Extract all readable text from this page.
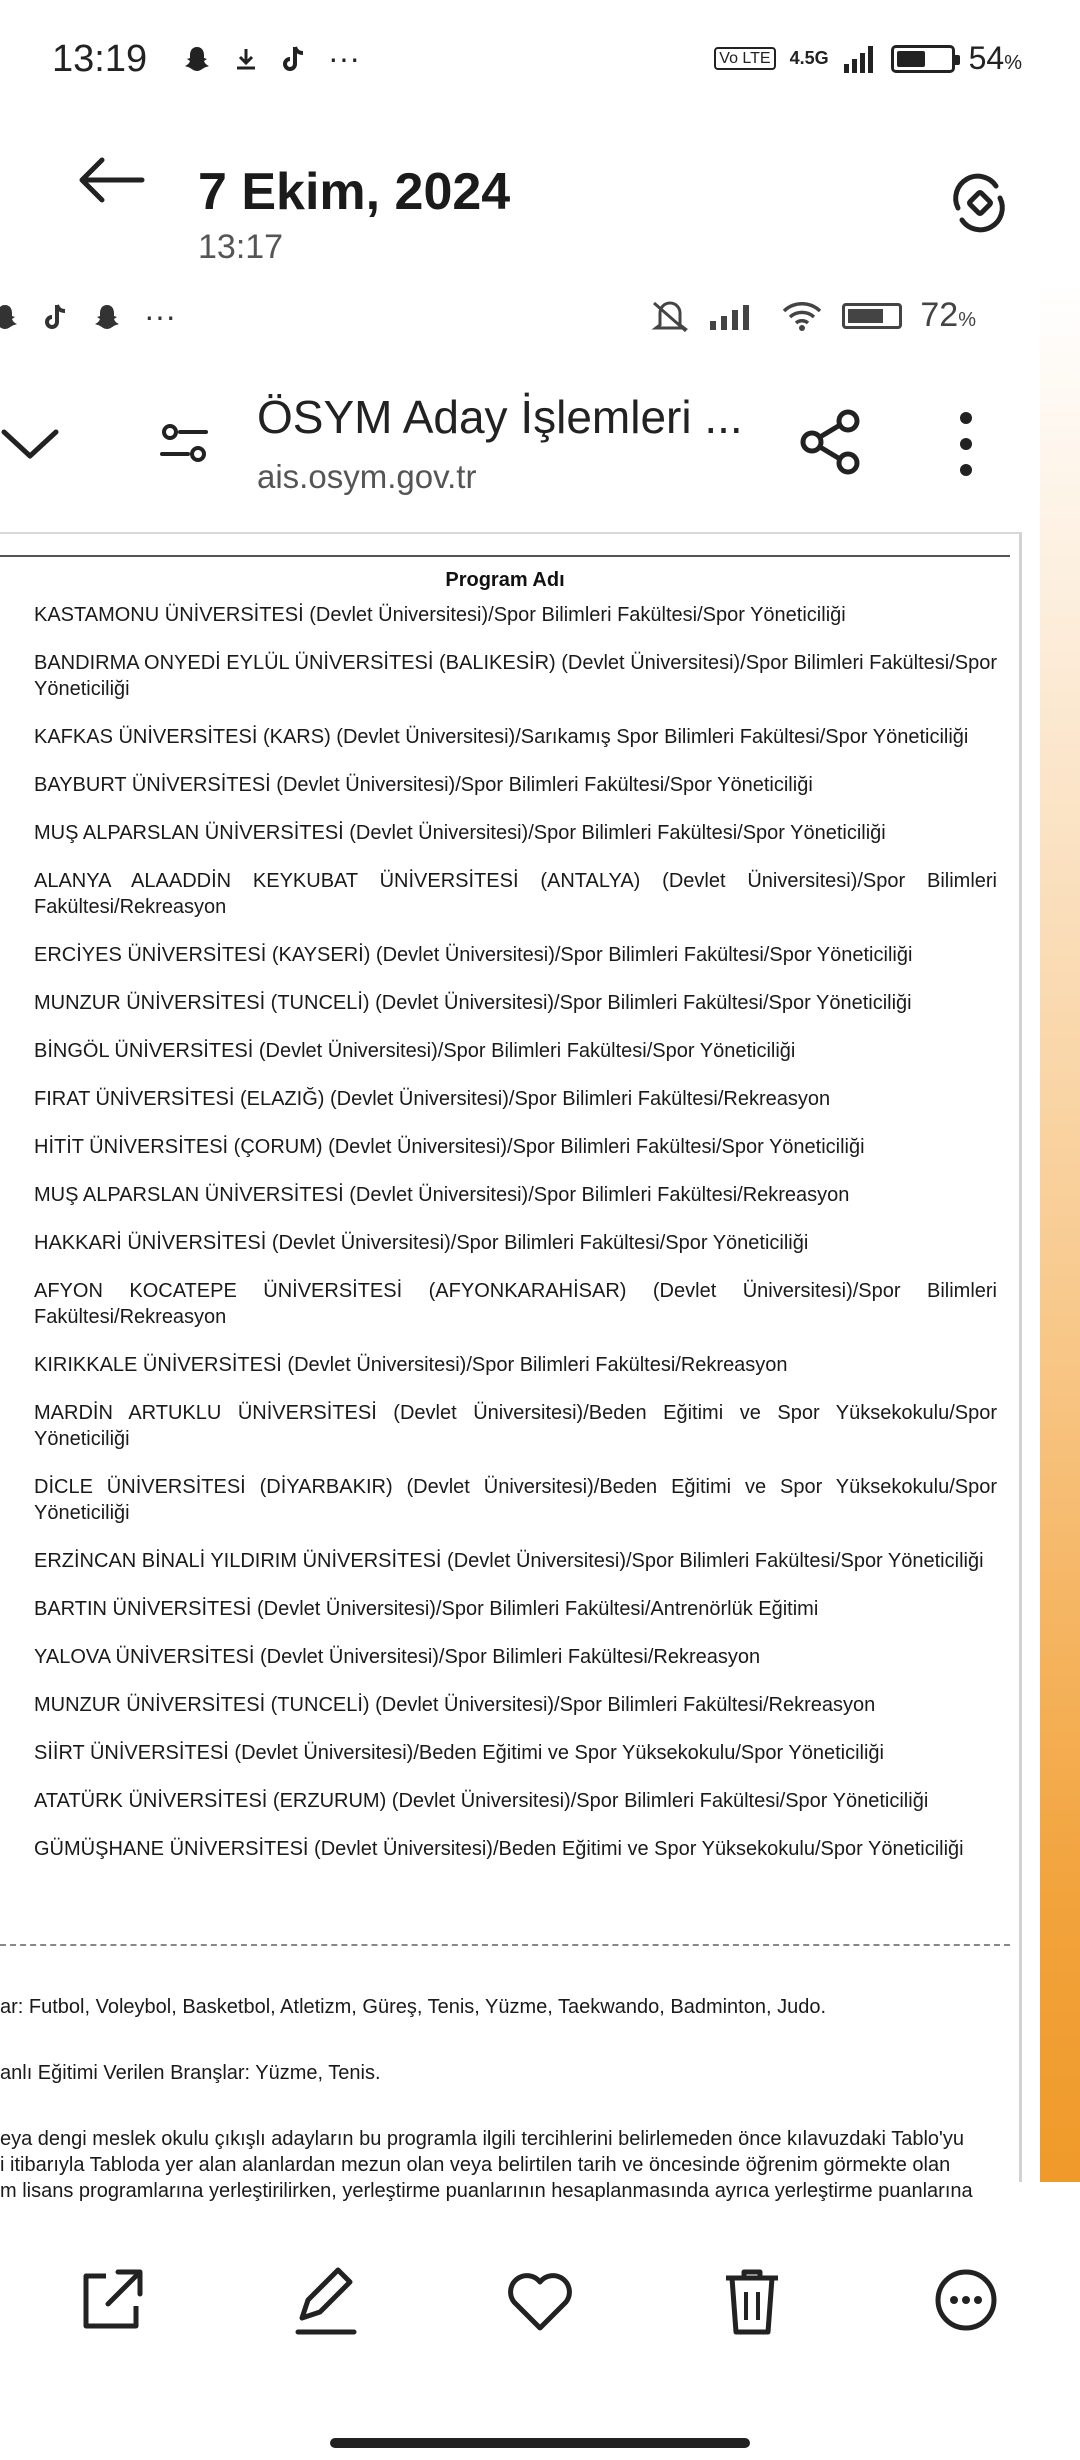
13:19	···	Vo LTE 4.5G	54%
7 Ekim, 2024
13:17
···	72%
ÖSYM Aday İşlemleri ...
ais.osym.gov.tr
Program Adı
KASTAMONU ÜNİVERSİTESİ (Devlet Üniversitesi)/Spor Bilimleri Fakültesi/Spor Yöneticiliği
BANDIRMA ONYEDİ EYLÜL ÜNİVERSİTESİ (BALIKESİR) (Devlet Üniversitesi)/Spor Bilimleri Fakültesi/Spor Yöneticiliği
KAFKAS ÜNİVERSİTESİ (KARS) (Devlet Üniversitesi)/Sarıkamış Spor Bilimleri Fakültesi/Spor Yöneticiliği
BAYBURT ÜNİVERSİTESİ (Devlet Üniversitesi)/Spor Bilimleri Fakültesi/Spor Yöneticiliği
MUŞ ALPARSLAN ÜNİVERSİTESİ (Devlet Üniversitesi)/Spor Bilimleri Fakültesi/Spor Yöneticiliği
ALANYA ALAADDİN KEYKUBAT ÜNİVERSİTESİ (ANTALYA) (Devlet Üniversitesi)/Spor Bilimleri Fakültesi/Rekreasyon
ERCİYES ÜNİVERSİTESİ (KAYSERİ) (Devlet Üniversitesi)/Spor Bilimleri Fakültesi/Spor Yöneticiliği
MUNZUR ÜNİVERSİTESİ (TUNCELİ) (Devlet Üniversitesi)/Spor Bilimleri Fakültesi/Spor Yöneticiliği
BİNGÖL ÜNİVERSİTESİ (Devlet Üniversitesi)/Spor Bilimleri Fakültesi/Spor Yöneticiliği
FIRAT ÜNİVERSİTESİ (ELAZIĞ) (Devlet Üniversitesi)/Spor Bilimleri Fakültesi/Rekreasyon
HİTİT ÜNİVERSİTESİ (ÇORUM) (Devlet Üniversitesi)/Spor Bilimleri Fakültesi/Spor Yöneticiliği
MUŞ ALPARSLAN ÜNİVERSİTESİ (Devlet Üniversitesi)/Spor Bilimleri Fakültesi/Rekreasyon
HAKKARİ ÜNİVERSİTESİ (Devlet Üniversitesi)/Spor Bilimleri Fakültesi/Spor Yöneticiliği
AFYON KOCATEPE ÜNİVERSİTESİ (AFYONKARAHİSAR) (Devlet Üniversitesi)/Spor Bilimleri Fakültesi/Rekreasyon
KIRIKKALE ÜNİVERSİTESİ (Devlet Üniversitesi)/Spor Bilimleri Fakültesi/Rekreasyon
MARDİN ARTUKLU ÜNİVERSİTESİ (Devlet Üniversitesi)/Beden Eğitimi ve Spor Yüksekokulu/Spor Yöneticiliği
DİCLE ÜNİVERSİTESİ (DİYARBAKIR) (Devlet Üniversitesi)/Beden Eğitimi ve Spor Yüksekokulu/Spor Yöneticiliği
ERZİNCAN BİNALİ YILDIRIM ÜNİVERSİTESİ (Devlet Üniversitesi)/Spor Bilimleri Fakültesi/Spor Yöneticiliği
BARTIN ÜNİVERSİTESİ (Devlet Üniversitesi)/Spor Bilimleri Fakültesi/Antrenörlük Eğitimi
YALOVA ÜNİVERSİTESİ (Devlet Üniversitesi)/Spor Bilimleri Fakültesi/Rekreasyon
MUNZUR ÜNİVERSİTESİ (TUNCELİ) (Devlet Üniversitesi)/Spor Bilimleri Fakültesi/Rekreasyon
SİİRT ÜNİVERSİTESİ (Devlet Üniversitesi)/Beden Eğitimi ve Spor Yüksekokulu/Spor Yöneticiliği
ATATÜRK ÜNİVERSİTESİ (ERZURUM) (Devlet Üniversitesi)/Spor Bilimleri Fakültesi/Spor Yöneticiliği
GÜMÜŞHANE ÜNİVERSİTESİ (Devlet Üniversitesi)/Beden Eğitimi ve Spor Yüksekokulu/Spor Yöneticiliği
ar: Futbol, Voleybol, Basketbol, Atletizm, Güreş, Tenis, Yüzme, Taekwando, Badminton, Judo.
anlı Eğitimi Verilen Branşlar: Yüzme, Tenis.
eya dengi meslek okulu çıkışlı adayların bu programla ilgili tercihlerini belirlemeden önce kılavuzdaki Tablo'yu
i itibarıyla Tabloda yer alan alanlardan mezun olan veya belirtilen tarih ve öncesinde öğrenim görmekte olan
m lisans programlarına yerleştirilirken, yerleştirme puanlarının hesaplanmasında ayrıca yerleştirme puanlarına
